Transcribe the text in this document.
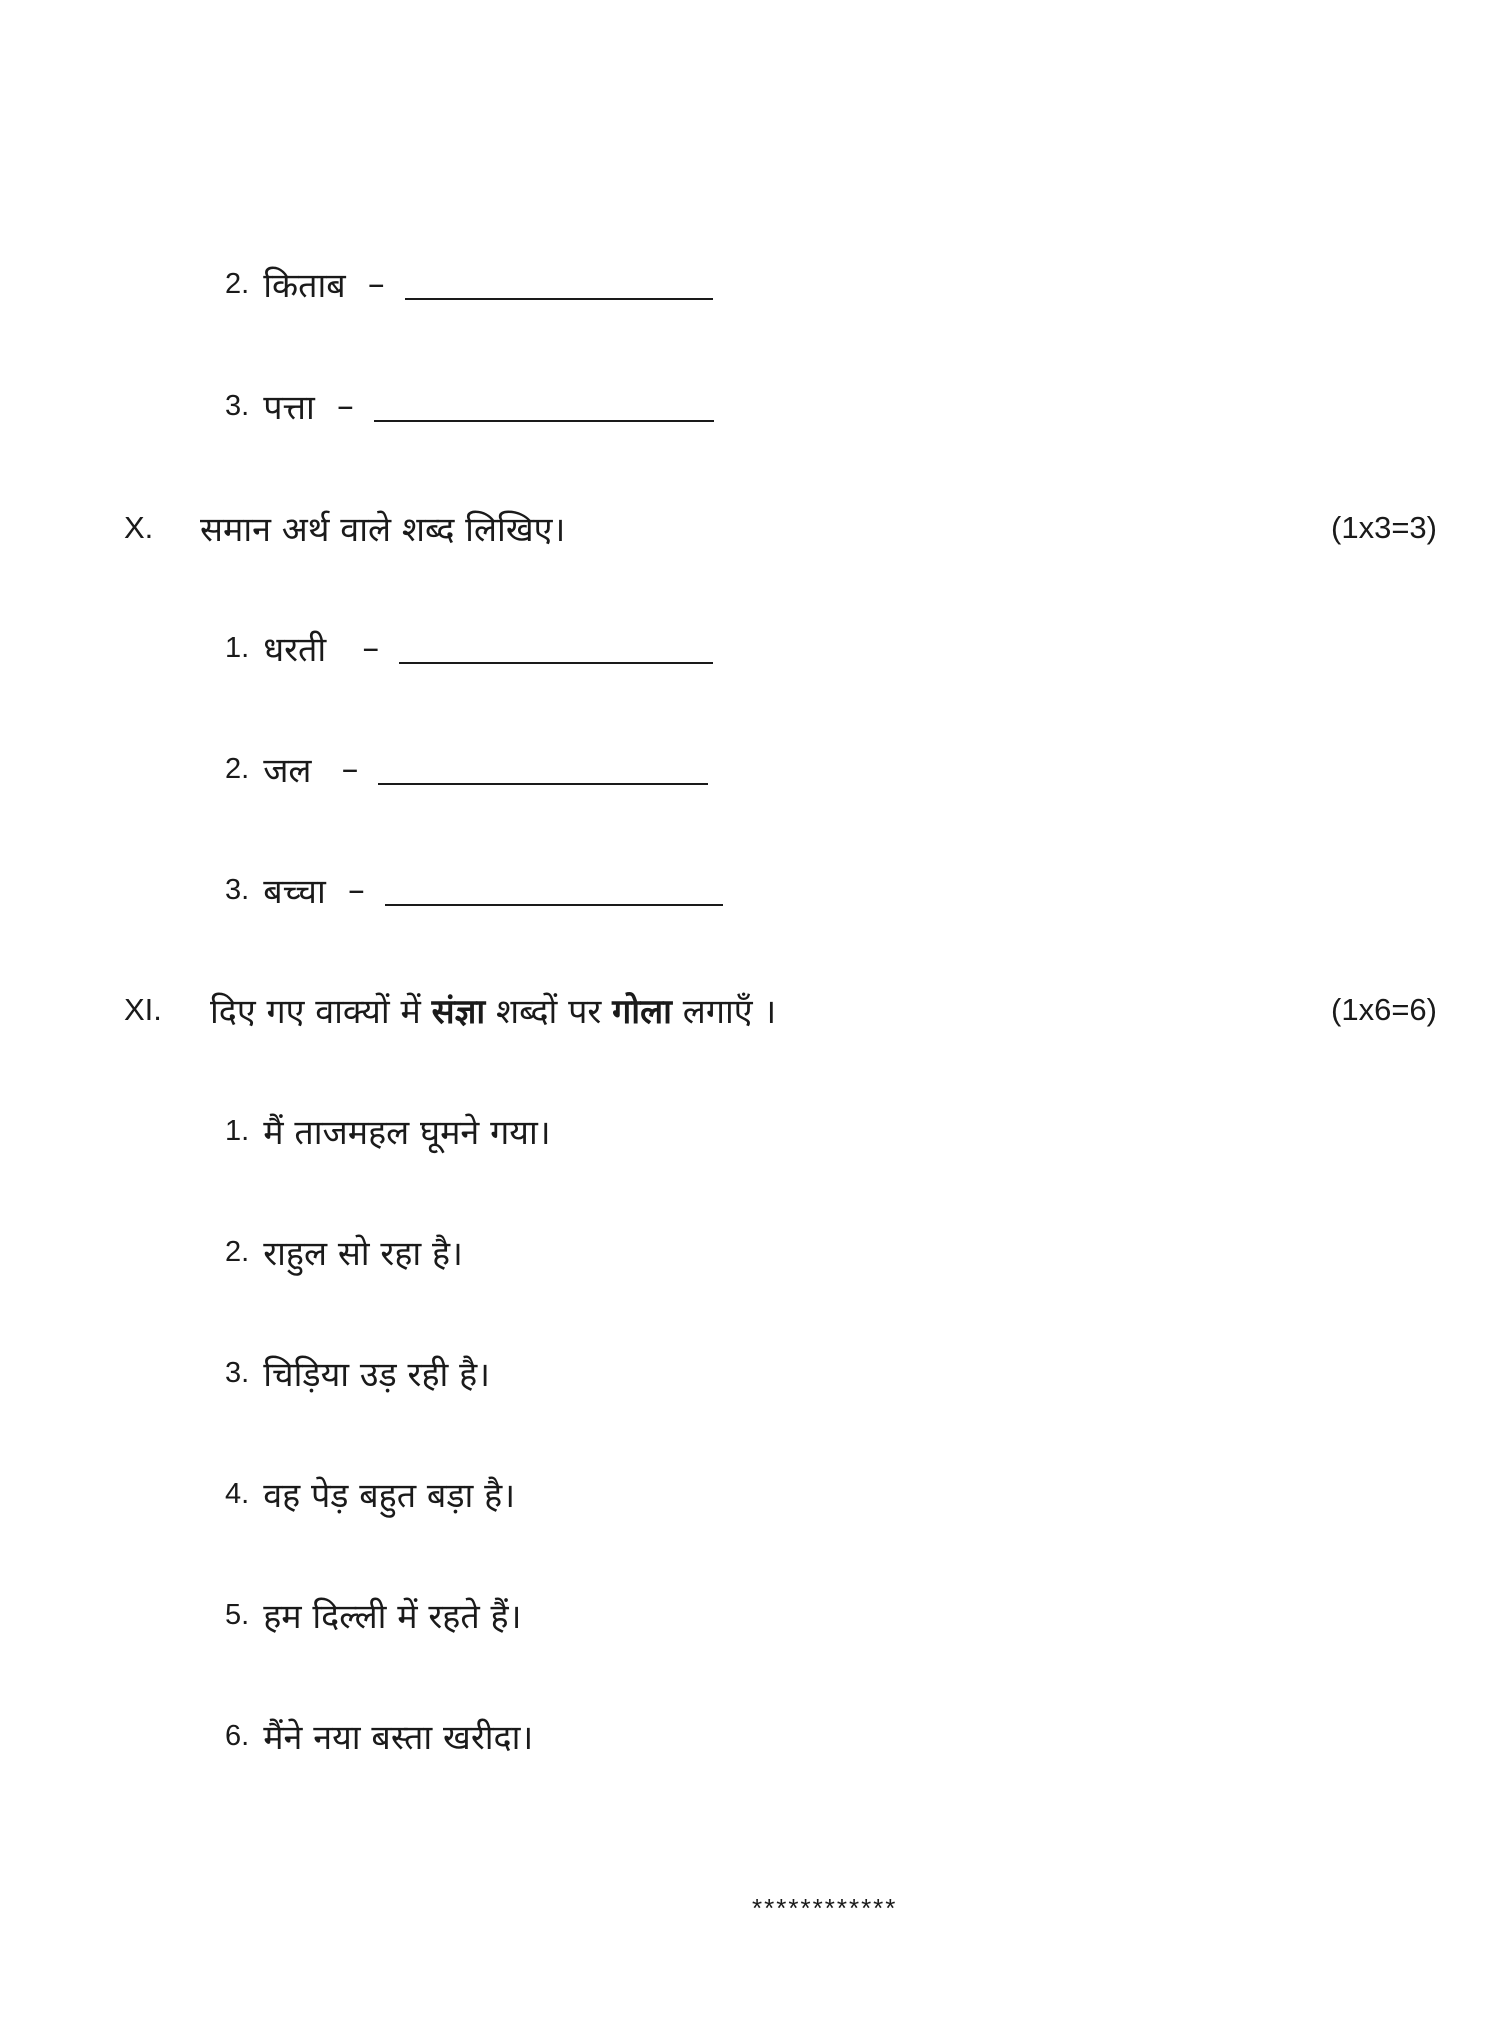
2. किताब –
3. पत्ता –
X.	समान अर्थ वाले शब्द लिखिए।	(1x3=3)
1. धरती –
2. जल –
3. बच्चा –
XI.	दिए गए वाक्यों में
संज्ञा
शब्दों पर
गोला
लगाएँ ।	(1x6=6)
1. मैं ताजमहल घूमने गया।
2. राहुल सो रहा है।
3. चिड़िया उड़ रही है।
4. वह पेड़ बहुत बड़ा है।
5. हम दिल्ली में रहते हैं।
6. मैंने नया बस्ता खरीदा।
************
